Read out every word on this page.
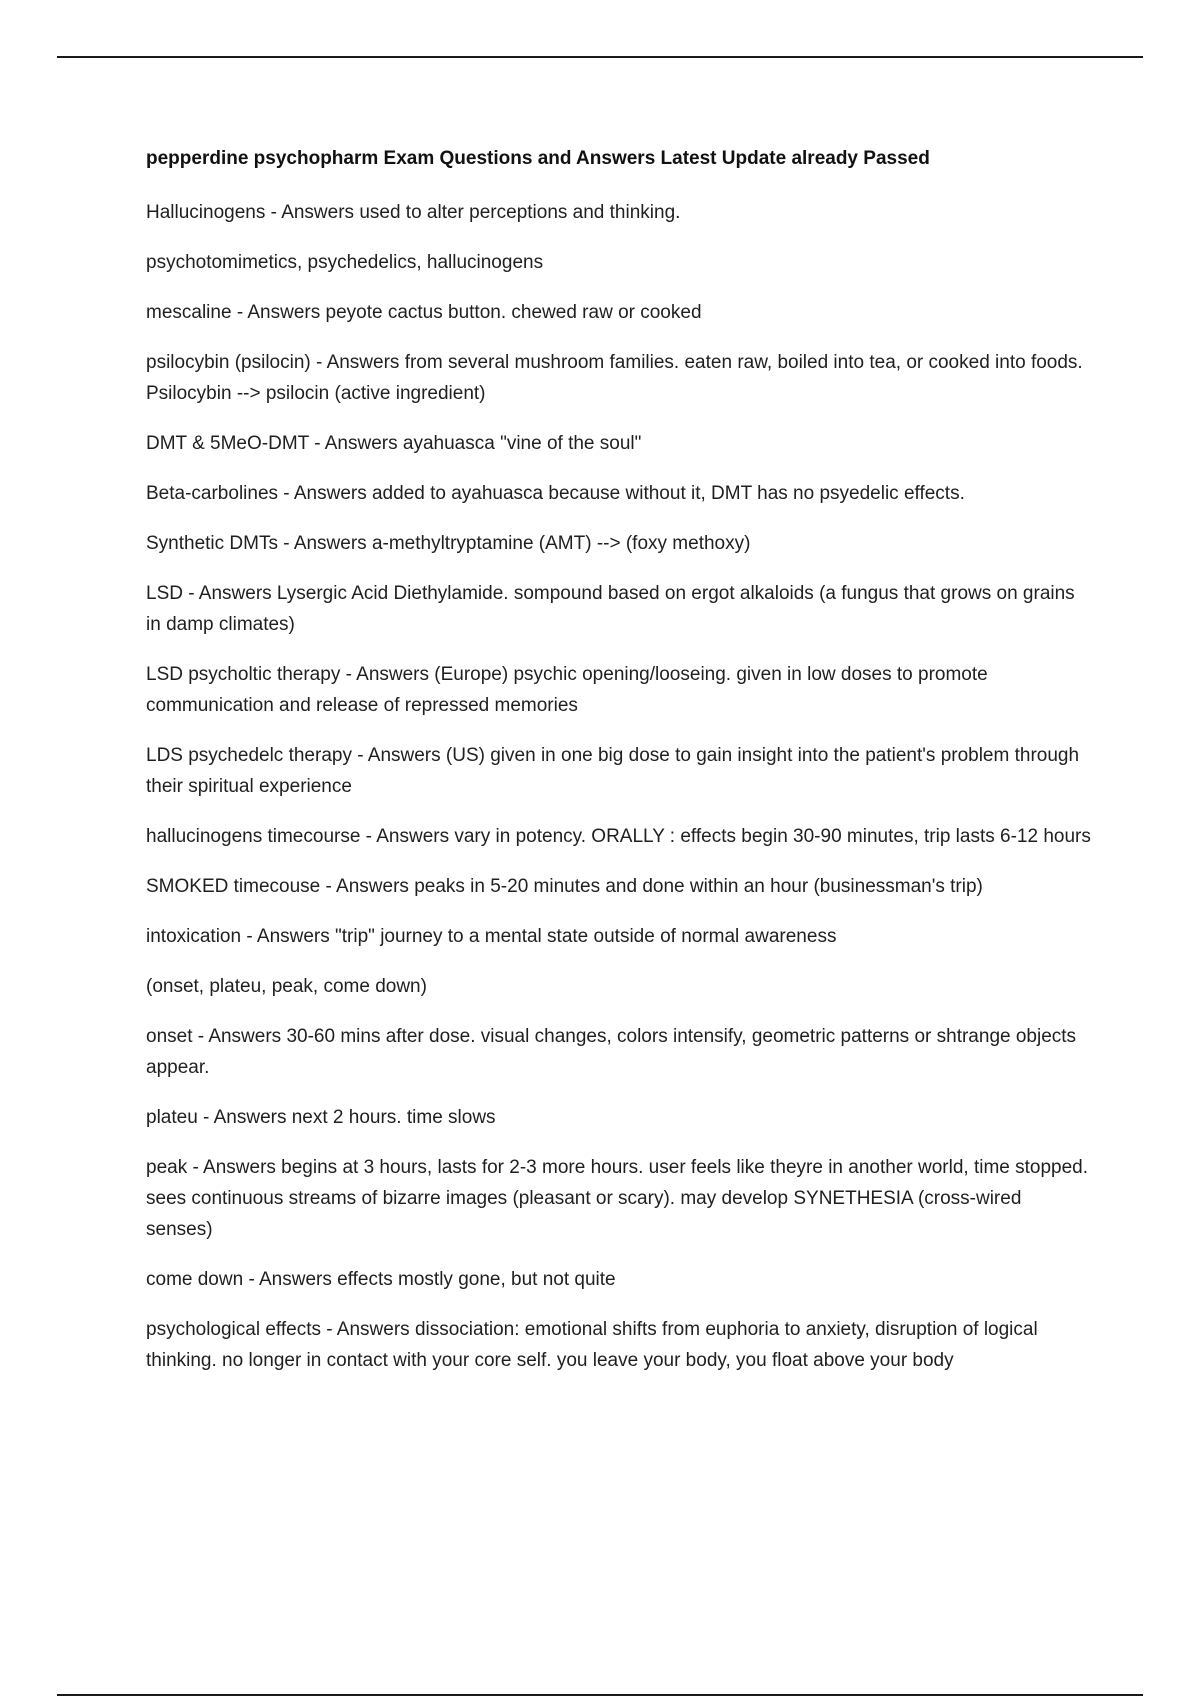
pepperdine psychopharm Exam Questions and Answers Latest Update already Passed

Hallucinogens - Answers used to alter perceptions and thinking.

psychotomimetics, psychedelics, hallucinogens

mescaline - Answers peyote cactus button. chewed raw or cooked

psilocybin (psilocin) - Answers from several mushroom families. eaten raw, boiled into tea, or cooked into foods. Psilocybin --> psilocin (active ingredient)

DMT & 5MeO-DMT - Answers ayahuasca "vine of the soul"

Beta-carbolines - Answers added to ayahuasca because without it, DMT has no psyedelic effects.

Synthetic DMTs - Answers a-methyltryptamine (AMT) --> (foxy methoxy)

LSD - Answers Lysergic Acid Diethylamide. sompound based on ergot alkaloids (a fungus that grows on grains in damp climates)

LSD psycholtic therapy - Answers (Europe) psychic opening/looseing. given in low doses to promote communication and release of repressed memories

LDS psychedelc therapy - Answers (US) given in one big dose to gain insight into the patient's problem through their spiritual experience

hallucinogens timecourse - Answers vary in potency. ORALLY : effects begin 30-90 minutes, trip lasts 6-12 hours

SMOKED timecouse - Answers peaks in 5-20 minutes and done within an hour (businessman's trip)

intoxication - Answers "trip" journey to a mental state outside of normal awareness

(onset, plateu, peak, come down)

onset - Answers 30-60 mins after dose. visual changes, colors intensify, geometric patterns or shtrange objects appear.

plateu - Answers next 2 hours. time slows

peak - Answers begins at 3 hours, lasts for 2-3 more hours. user feels like theyre in another world, time stopped. sees continuous streams of bizarre images (pleasant or scary). may develop SYNETHESIA (cross-wired senses)

come down - Answers effects mostly gone, but not quite

psychological effects - Answers dissociation: emotional shifts from euphoria to anxiety, disruption of logical thinking. no longer in contact with your core self. you leave your body, you float above your body
